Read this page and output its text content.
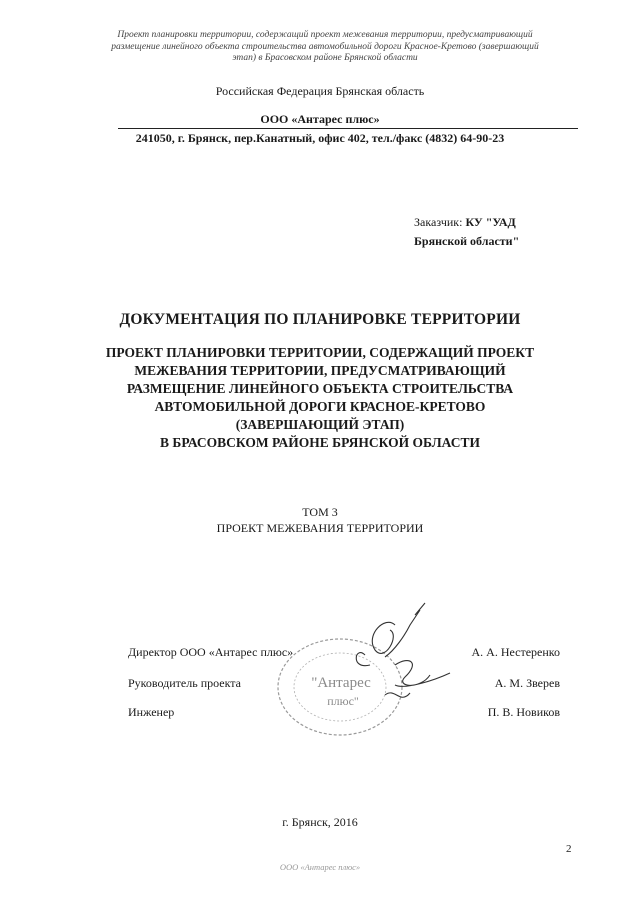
Проект планировки территории, содержащий проект межевания территории, предусматривающий
размещение линейного объекта строительства автомобильной дороги Красное-Кретово (завершающий
этап) в Брасовском районе Брянской области
Российская Федерация Брянская область
ООО «Антарес плюс»
241050, г. Брянск, пер.Канатный, офис 402, тел./факс (4832) 64-90-23
Заказчик: КУ "УАД
Брянской области"
ДОКУМЕНТАЦИЯ ПО ПЛАНИРОВКЕ ТЕРРИТОРИИ
ПРОЕКТ ПЛАНИРОВКИ ТЕРРИТОРИИ, СОДЕРЖАЩИЙ ПРОЕКТ
МЕЖЕВАНИЯ ТЕРРИТОРИИ, ПРЕДУСМАТРИВАЮЩИЙ
РАЗМЕЩЕНИЕ ЛИНЕЙНОГО ОБЪЕКТА СТРОИТЕЛЬСТВА
АВТОМОБИЛЬНОЙ ДОРОГИ КРАСНОЕ-КРЕТОВО
(ЗАВЕРШАЮЩИЙ ЭТАП)
В БРАСОВСКОМ РАЙОНЕ БРЯНСКОЙ ОБЛАСТИ
ТОМ 3
ПРОЕКТ МЕЖЕВАНИЯ ТЕРРИТОРИИ
"Антарес
плюс"
Директор ООО «Антарес плюс»	А. А. Нестеренко
Руководитель проекта	А. М. Зверев
Инженер	П. В. Новиков
г. Брянск, 2016
2
ООО «Антарес плюс»
